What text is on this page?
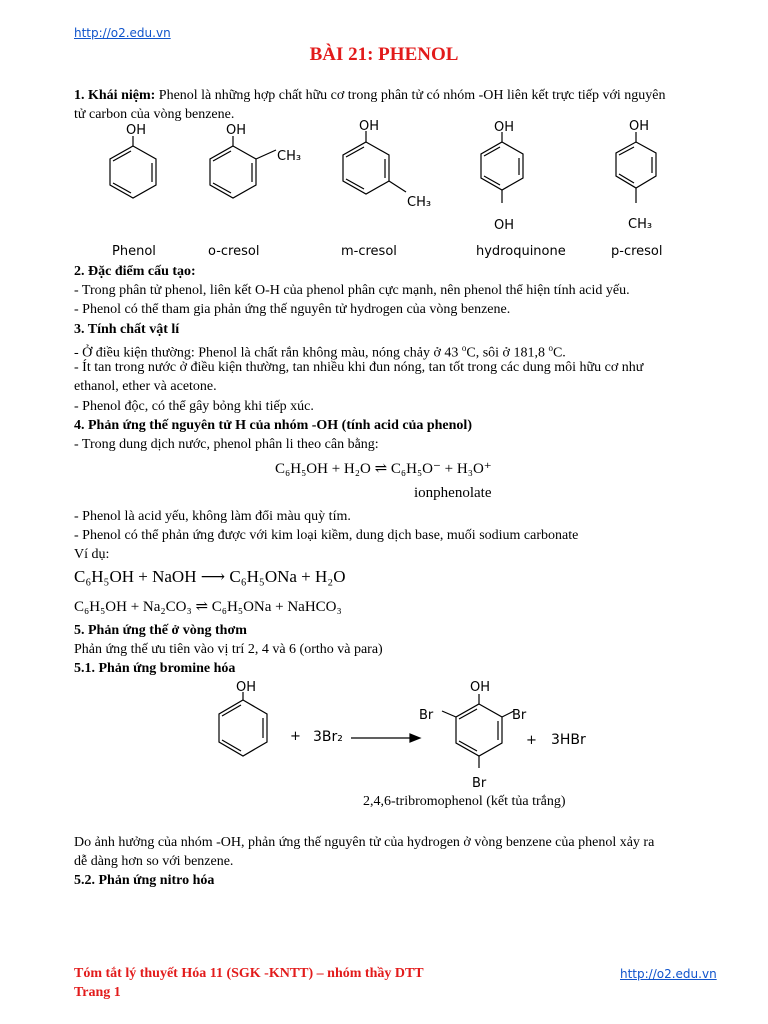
http://o2.edu.vn
BÀI 21: PHENOL
1. Khái niệm: Phenol là những hợp chất hữu cơ trong phân tử có nhóm -OH liên kết trực tiếp với nguyên
tử carbon của vòng benzene.
OH	OH
CH₃
OH
CH₃
OH
OH
OH
CH₃
Phenol	o-cresol	m-cresol	hydroquinone	p-cresol
2. Đặc điểm cấu tạo:
- Trong phân tử phenol, liên kết O-H của phenol phân cực mạnh, nên phenol thể hiện tính acid yếu.
- Phenol có thể tham gia phản ứng thế nguyên tử hydrogen của vòng benzene.
3. Tính chất vật lí
- Ở điều kiện thường: Phenol là chất rắn không màu, nóng chảy ở 43 $^o$C, sôi ở 181,8 $^o$C.
- Ít tan trong nước ở điều kiện thường, tan nhiều khi đun nóng, tan tốt trong các dung môi hữu cơ như
ethanol, ether và acetone.
- Phenol độc, có thể gây bỏng khi tiếp xúc.
4. Phản ứng thế nguyên tử H của nhóm -OH (tính acid của phenol)
- Trong dung dịch nước, phenol phân li theo cân bằng:
C₆H₅OH + H₂O ⇌ C₆H₅O⁻ + H₃O⁺
ionphenolate
- Phenol là acid yếu, không làm đổi màu quỳ tím.
- Phenol có thể phản ứng được với kim loại kiềm, dung dịch base, muối sodium carbonate
Ví dụ:
C₆H₅OH + NaOH ⟶ C₆H₅ONa + H₂O
C₆H₅OH + Na₂CO₃ ⇌ C₆H₅ONa + NaHCO₃
5. Phản ứng thế ở vòng thơm
Phản ứng thế ưu tiên vào vị trí 2, 4 và 6 (ortho và para)
5.1. Phản ứng bromine hóa
OH
+ 3Br₂
OH
Br	Br
Br
+ 3HBr
2,4,6-tribromophenol (kết tủa trắng)
Do ảnh hưởng của nhóm -OH, phản ứng thế nguyên tử của hydrogen ở vòng benzene của phenol xảy ra
dễ dàng hơn so với benzene.
5.2. Phản ứng nitro hóa
Tóm tắt lý thuyết Hóa 11 (SGK -KNTT) – nhóm thầy DTT	http://o2.edu.vn
Trang 1
